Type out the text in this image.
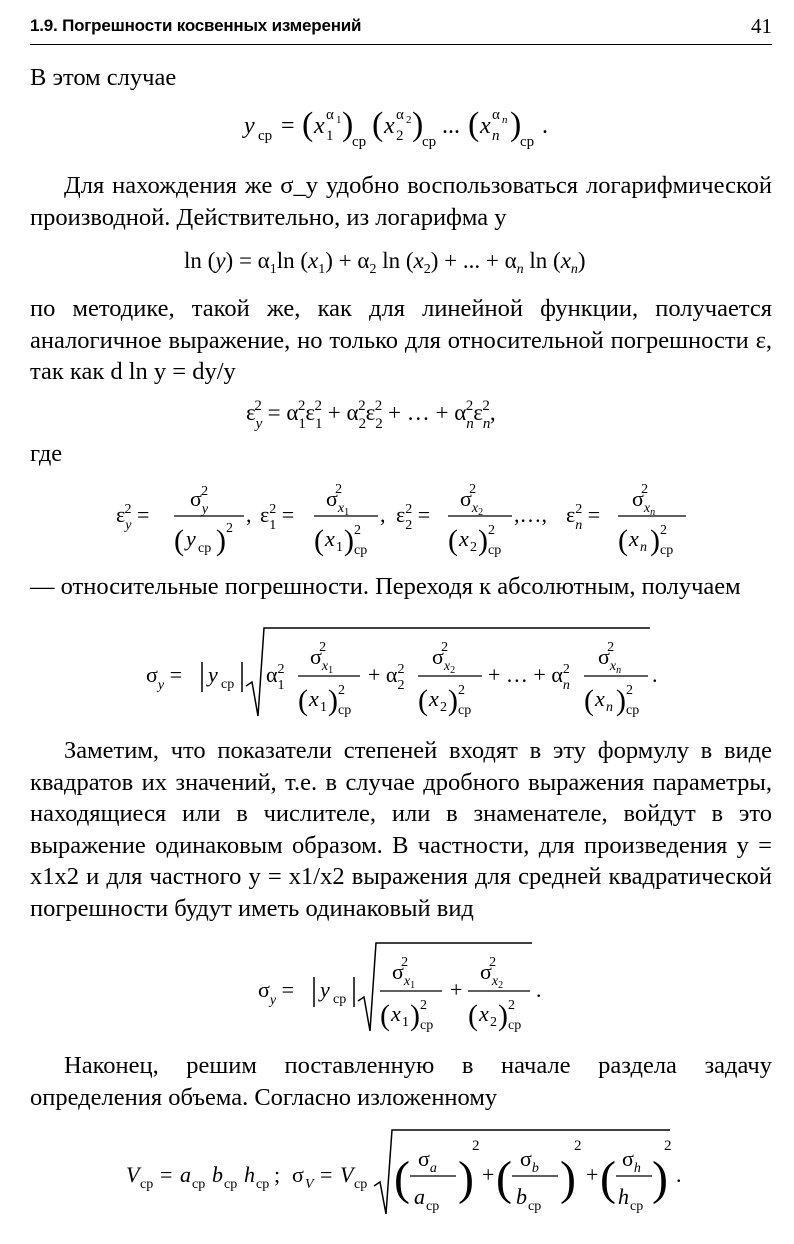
1.9. Погрешности косвенных измерений	41

В этом случае

y ср = ( x 1
α 1 )
ср ( x 2
α 2 )
ср
... ( x n
α n )
ср
.

Для нахождения же σ_y удобно воспользоваться логарифмической производной. Действительно, из логарифма y

$\ln (y) = \alpha_1\ln$ $(x_1) + \alpha_2$ $\ln (x_2)$ + ... + $\alpha_n$ $\ln (x_n)$

по методике, такой же, как для линейной функции, получается аналогичное выражение, но только для относительной погрешности ε, так как d ln y = dy/y

$\varepsilon_y2 = \alpha_12\varepsilon_12 + \alpha_22\varepsilon_22$ + … + $\alpha_n2\varepsilon_n2$,

где

$\varepsilon_y2$ =
$\sigma_y2$
( y ср ) 2
, $\varepsilon_12$ =
$\sigma_x12$
( x 1 ) 2
ср
, $\varepsilon_22$ =
$\sigma_x22$
( x 2 ) 2
ср
,…, $\varepsilon_n2$ =
$\sigma_xn2$
( x n ) 2
ср

— относительные погрешности. Переходя к абсолютным, получаем

$\sigma_y = y$ ср $\alpha_12$
$\sigma_x12$
( x 1 ) 2
ср
+ $\alpha_22$
$\sigma_x22$
( x 2 ) 2
ср
+ … + $\alpha_n2$
$\sigma_xn2$
( x n ) 2
ср
.

Заметим, что показатели степеней входят в эту формулу в виде квадратов их значений, т.е. в случае дробного выражения параметры, находящиеся или в числителе, или в знаменателе, войдут в это выражение одинаковым образом. В частности, для произведения y = x1x2 и для частного y = x1/x2 выражения для средней квадратической погрешности будут иметь одинаковый вид

$\sigma_y = y$ ср
$\sigma_x12$
( x 1 ) 2
ср
+
$\sigma_x22$
( x 2 ) 2
ср
.

Наконец, решим поставленную в начале раздела задачу определения объема. Согласно изложенному

V ср = a ср b ср h ср ; σ V = V ср ( $\sigma_a$
a ср
)
2
+ ( $\sigma_b$
b ср
)
2
+ ( $\sigma_h$
h ср
)
2
.
